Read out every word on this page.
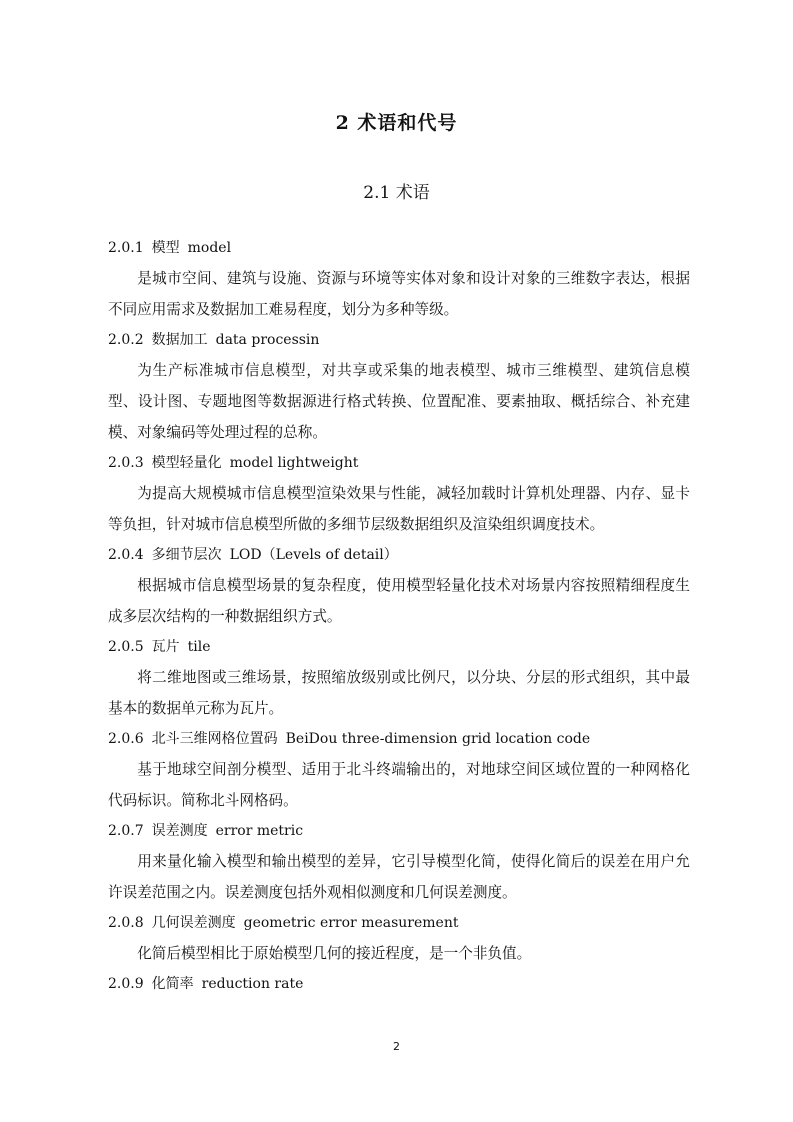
2 术语和代号
2.1 术语
2.0.1 模型 model

是城市空间、建筑与设施、资源与环境等实体对象和设计对象的三维数字表达，根据不同应用需求及数据加工难易程度，划分为多种等级。

2.0.2 数据加工 data processin

为生产标准城市信息模型，对共享或采集的地表模型、城市三维模型、建筑信息模型、设计图、专题地图等数据源进行格式转换、位置配准、要素抽取、概括综合、补充建模、对象编码等处理过程的总称。

2.0.3 模型轻量化 model lightweight

为提高大规模城市信息模型渲染效果与性能，减轻加载时计算机处理器、内存、显卡等负担，针对城市信息模型所做的多细节层级数据组织及渲染组织调度技术。

2.0.4 多细节层次 LOD（Levels of detail）

根据城市信息模型场景的复杂程度，使用模型轻量化技术对场景内容按照精细程度生成多层次结构的一种数据组织方式。

2.0.5 瓦片 tile

将二维地图或三维场景，按照缩放级别或比例尺，以分块、分层的形式组织，其中最基本的数据单元称为瓦片。

2.0.6 北斗三维网格位置码 BeiDou three-dimension grid location code

基于地球空间剖分模型、适用于北斗终端输出的，对地球空间区域位置的一种网格化代码标识。简称北斗网格码。

2.0.7 误差测度 error metric

用来量化输入模型和输出模型的差异，它引导模型化简，使得化简后的误差在用户允许误差范围之内。误差测度包括外观相似测度和几何误差测度。

2.0.8 几何误差测度 geometric error measurement

化简后模型相比于原始模型几何的接近程度，是一个非负值。

2.0.9 化简率 reduction rate
2
